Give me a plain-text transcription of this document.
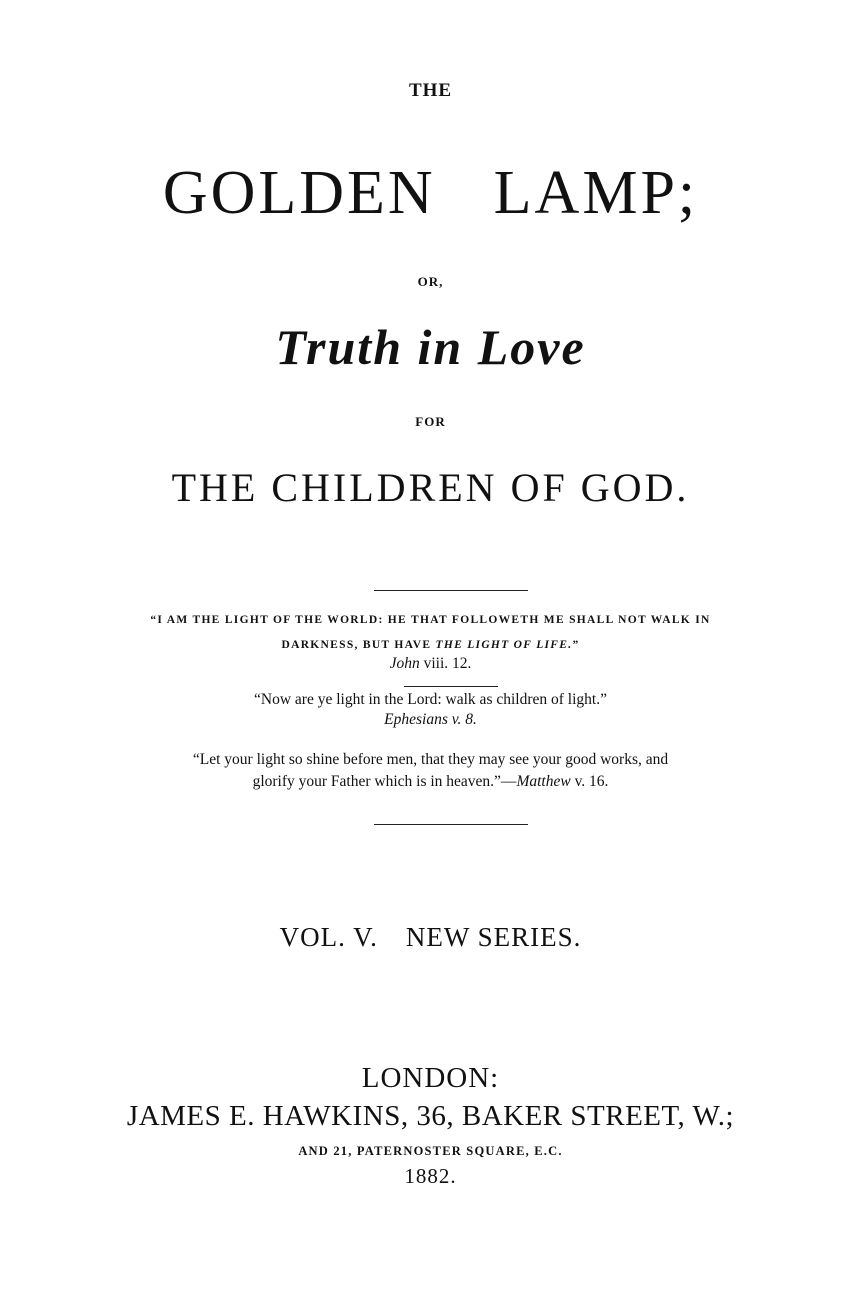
THE
GOLDEN LAMP;
OR,
Truth in Love
FOR
THE CHILDREN OF GOD.
“I AM THE LIGHT OF THE WORLD: HE THAT FOLLOWETH ME SHALL NOT WALK IN
DARKNESS, BUT HAVE THE LIGHT OF LIFE.”
John viii. 12.
“Now are ye light in the Lord: walk as children of light.”
Ephesians v. 8.
“Let your light so shine before men, that they may see your good works, and
glorify your Father which is in heaven.”—Matthew v. 16.
VOL. V. NEW SERIES.
LONDON:
JAMES E. HAWKINS, 36, BAKER STREET, W.;
AND 21, PATERNOSTER SQUARE, E.C.
1882.
